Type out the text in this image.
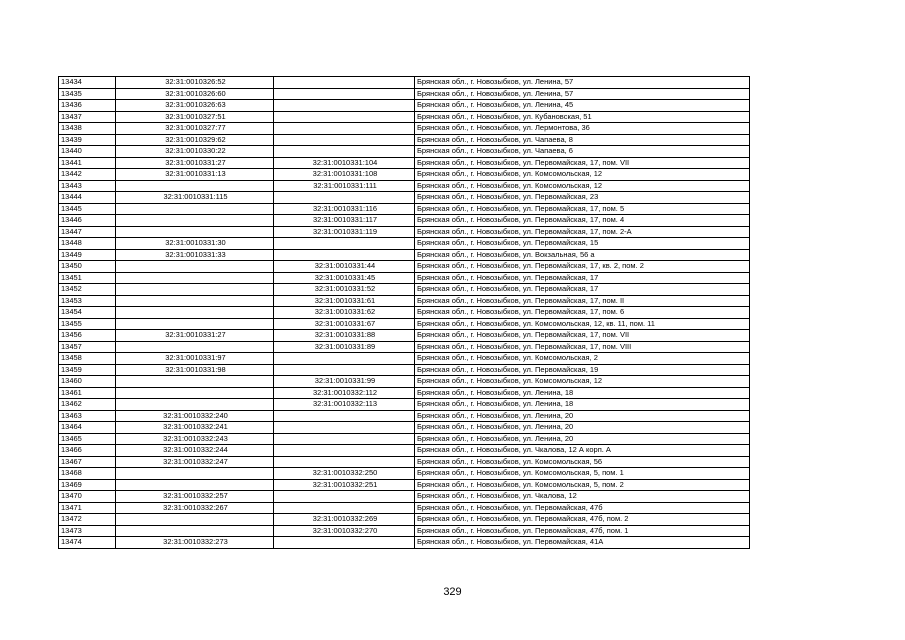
13434	32:31:0010326:52		Брянская обл., г. Новозыбков, ул. Ленина, 57
13435	32:31:0010326:60		Брянская обл., г. Новозыбков, ул. Ленина, 57
13436	32:31:0010326:63		Брянская обл., г. Новозыбков, ул. Ленина, 45
13437	32:31:0010327:51		Брянская обл., г. Новозыбков, ул. Кубановская, 51
13438	32:31:0010327:77		Брянская обл., г. Новозыбков, ул. Лермонтова, 36
13439	32:31:0010329:62		Брянская обл., г. Новозыбков, ул. Чапаева, 8
13440	32:31:0010330:22		Брянская обл., г. Новозыбков, ул. Чапаева, 6
13441	32:31:0010331:27	32:31:0010331:104	Брянская обл., г. Новозыбков, ул. Первомайская, 17, пом. VII
13442	32:31:0010331:13	32:31:0010331:108	Брянская обл., г. Новозыбков, ул. Комсомольская, 12
13443		32:31:0010331:111	Брянская обл., г. Новозыбков, ул. Комсомольская, 12
13444	32:31:0010331:115		Брянская обл., г. Новозыбков, ул. Первомайская, 23
13445		32:31:0010331:116	Брянская обл., г. Новозыбков, ул. Первомайская, 17, пом. 5
13446		32:31:0010331:117	Брянская обл., г. Новозыбков, ул. Первомайская, 17, пом. 4
13447		32:31:0010331:119	Брянская обл., г. Новозыбков, ул. Первомайская, 17, пом. 2-А
13448	32:31:0010331:30		Брянская обл., г. Новозыбков, ул. Первомайская, 15
13449	32:31:0010331:33		Брянская обл., г. Новозыбков, ул. Вокзальная, 56 а
13450		32:31:0010331:44	Брянская обл., г. Новозыбков, ул. Первомайская, 17, кв. 2, пом. 2
13451		32:31:0010331:45	Брянская обл., г. Новозыбков, ул. Первомайская, 17
13452		32:31:0010331:52	Брянская обл., г. Новозыбков, ул. Первомайская, 17
13453		32:31:0010331:61	Брянская обл., г. Новозыбков, ул. Первомайская, 17, пом. II
13454		32:31:0010331:62	Брянская обл., г. Новозыбков, ул. Первомайская, 17, пом. 6
13455		32:31:0010331:67	Брянская обл., г. Новозыбков, ул. Комсомольская, 12, кв. 11, пом. 11
13456	32:31:0010331:27	32:31:0010331:88	Брянская обл., г. Новозыбков, ул. Первомайская, 17, пом. VII
13457		32:31:0010331:89	Брянская обл., г. Новозыбков, ул. Первомайская, 17, пом. VIII
13458	32:31:0010331:97		Брянская обл., г. Новозыбков, ул. Комсомольская, 2
13459	32:31:0010331:98		Брянская обл., г. Новозыбков, ул. Первомайская, 19
13460		32:31:0010331:99	Брянская обл., г. Новозыбков, ул. Комсомольская, 12
13461		32:31:0010332:112	Брянская обл., г. Новозыбков, ул. Ленина, 18
13462		32:31:0010332:113	Брянская обл., г. Новозыбков, ул. Ленина, 18
13463	32:31:0010332:240		Брянская обл., г. Новозыбков, ул. Ленина, 20
13464	32:31:0010332:241		Брянская обл., г. Новозыбков, ул. Ленина, 20
13465	32:31:0010332:243		Брянская обл., г. Новозыбков, ул. Ленина, 20
13466	32:31:0010332:244		Брянская обл., г. Новозыбков, ул. Чкалова, 12 А корп. А
13467	32:31:0010332:247		Брянская обл., г. Новозыбков, ул. Комсомольская, 56
13468		32:31:0010332:250	Брянская обл., г. Новозыбков, ул. Комсомольская, 5, пом. 1
13469		32:31:0010332:251	Брянская обл., г. Новозыбков, ул. Комсомольская, 5, пом. 2
13470	32:31:0010332:257		Брянская обл., г. Новозыбков, ул. Чкалова, 12
13471	32:31:0010332:267		Брянская обл., г. Новозыбков, ул. Первомайская, 47б
13472		32:31:0010332:269	Брянская обл., г. Новозыбков, ул. Первомайская, 47б, пом. 2
13473		32:31:0010332:270	Брянская обл., г. Новозыбков, ул. Первомайская, 47б, пом. 1
13474	32:31:0010332:273		Брянская обл., г. Новозыбков, ул. Первомайская, 41А
329
